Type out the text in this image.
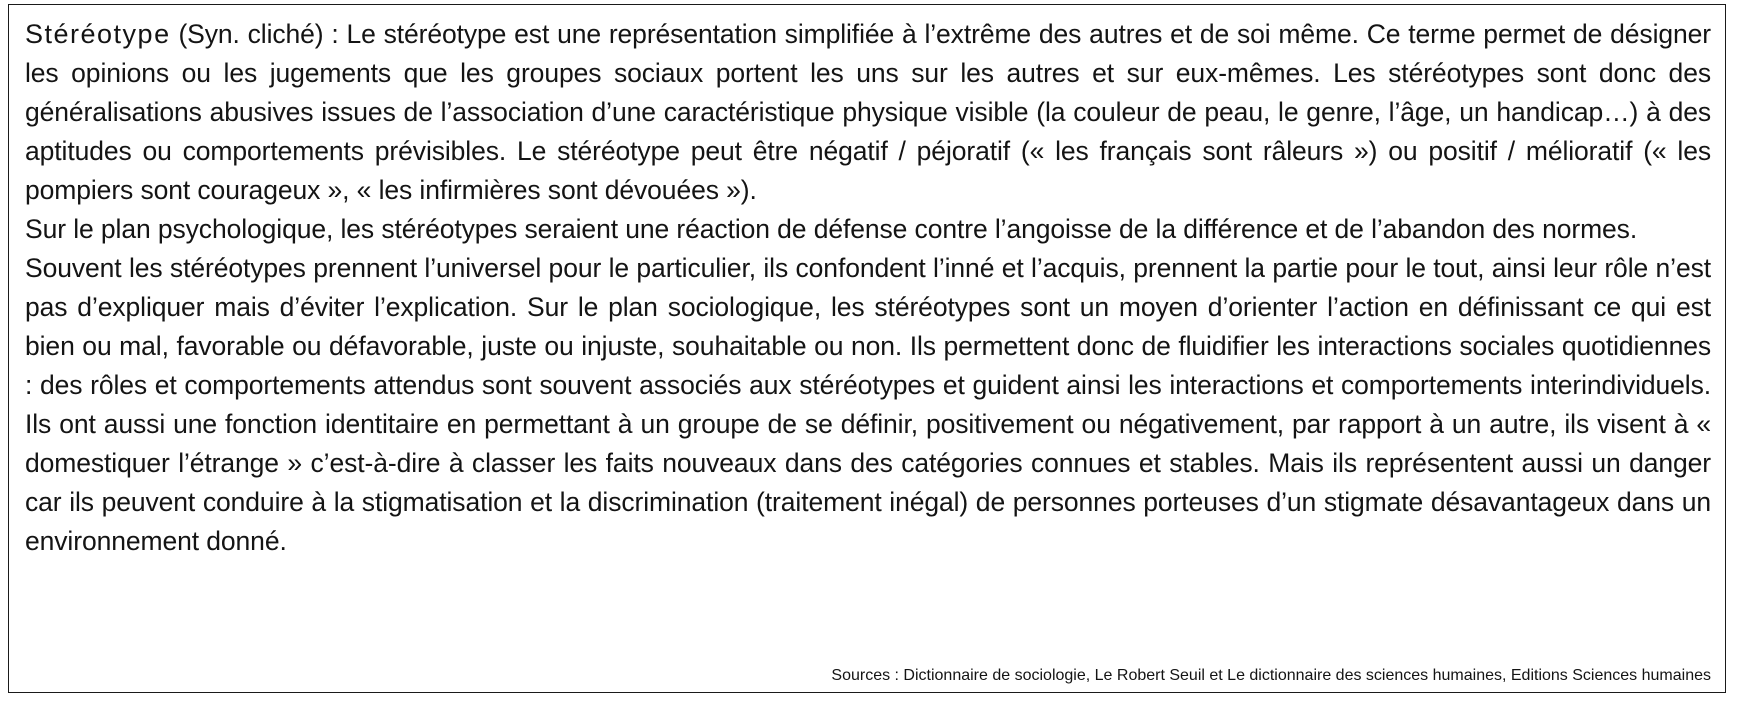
Stéréotype (Syn. cliché) : Le stéréotype est une représentation simplifiée à l’extrême des autres et de soi même. Ce terme permet de désigner les opinions ou les jugements que les groupes sociaux portent les uns sur les autres et sur eux-mêmes. Les stéréotypes sont donc des généralisations abusives issues de l’association d’une caractéristique physique visible (la couleur de peau, le genre, l’âge, un handicap…) à des aptitudes ou comportements prévisibles. Le stéréotype peut être négatif / péjoratif (« les français sont râleurs ») ou positif / mélioratif (« les pompiers sont courageux », « les infirmières sont dévouées »).

Sur le plan psychologique, les stéréotypes seraient une réaction de défense contre l’angoisse de la différence et de l’abandon des normes.

Souvent les stéréotypes prennent l’universel pour le particulier, ils confondent l’inné et l’acquis, prennent la partie pour le tout, ainsi leur rôle n’est pas d’expliquer mais d’éviter l’explication. Sur le plan sociologique, les stéréotypes sont un moyen d’orienter l’action en définissant ce qui est bien ou mal, favorable ou défavorable, juste ou injuste, souhaitable ou non. Ils permettent donc de fluidifier les interactions sociales quotidiennes : des rôles et comportements attendus sont souvent associés aux stéréotypes et guident ainsi les interactions et comportements interindividuels. Ils ont aussi une fonction identitaire en permettant à un groupe de se définir, positivement ou négativement, par rapport à un autre, ils visent à « domestiquer l’étrange » c’est-à-dire à classer les faits nouveaux dans des catégories connues et stables. Mais ils représentent aussi un danger car ils peuvent conduire à la stigmatisation et la discrimination (traitement inégal) de personnes porteuses d’un stigmate désavantageux dans un environnement donné.

Sources : Dictionnaire de sociologie, Le Robert Seuil et Le dictionnaire des sciences humaines, Editions Sciences humaines
